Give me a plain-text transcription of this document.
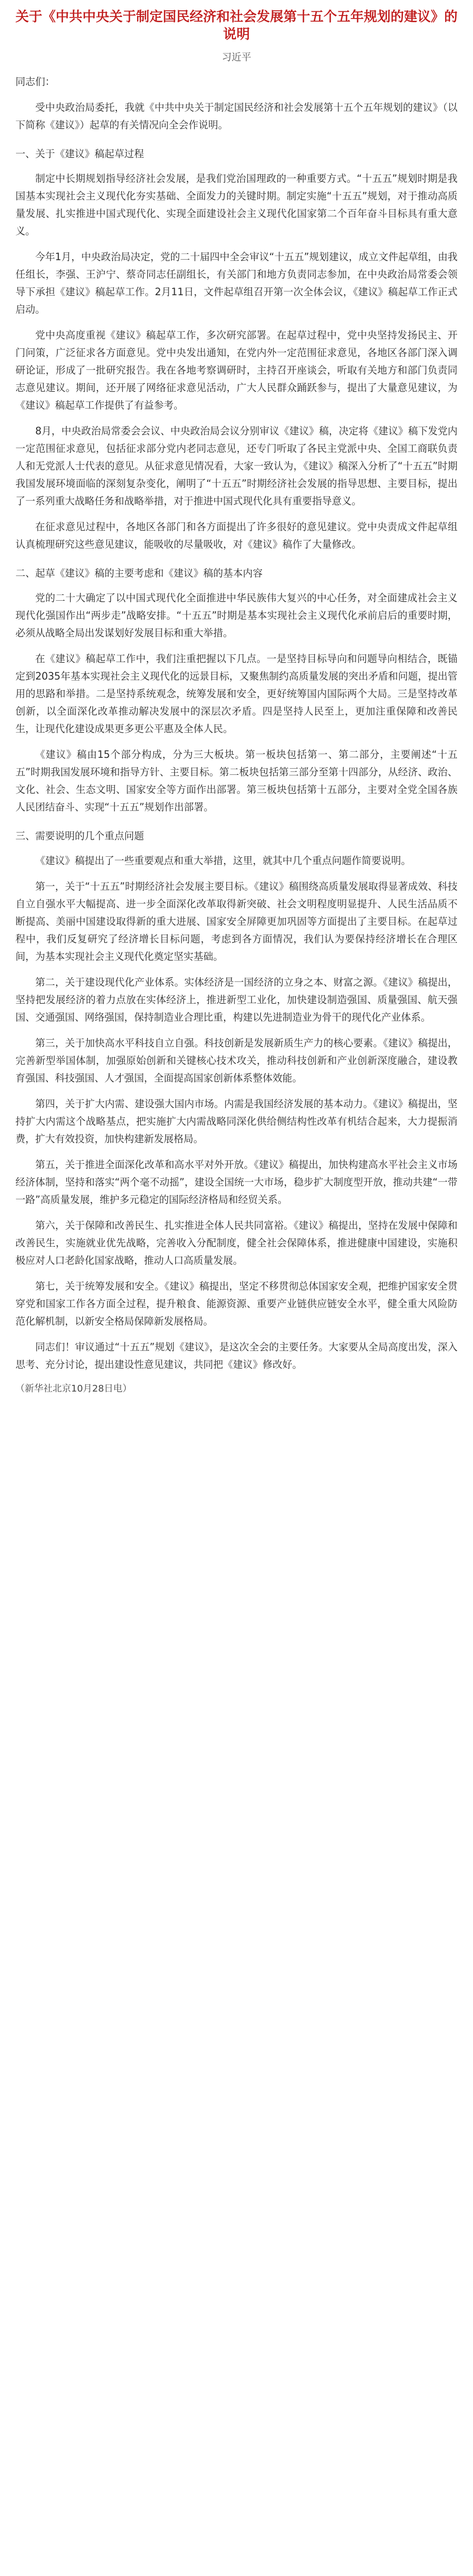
关于《中共中央关于制定国民经济和社会发展第十五个五年规划的建议》的说明
习近平

同志们：

受中央政治局委托，我就《中共中央关于制定国民经济和社会发展第十五个五年规划的建议》（以下简称《建议》）起草的有关情况向全会作说明。

一、关于《建议》稿起草过程

制定中长期规划指导经济社会发展，是我们党治国理政的一种重要方式。“十五五”规划时期是我国基本实现社会主义现代化夯实基础、全面发力的关键时期。制定实施“十五五”规划，对于推动高质量发展、扎实推进中国式现代化、实现全面建设社会主义现代化国家第二个百年奋斗目标具有重大意义。

今年1月，中央政治局决定，党的二十届四中全会审议“十五五”规划建议，成立文件起草组，由我任组长，李强、王沪宁、蔡奇同志任副组长，有关部门和地方负责同志参加，在中央政治局常委会领导下承担《建议》稿起草工作。2月11日，文件起草组召开第一次全体会议，《建议》稿起草工作正式启动。

党中央高度重视《建议》稿起草工作，多次研究部署。在起草过程中，党中央坚持发扬民主、开门问策，广泛征求各方面意见。党中央发出通知，在党内外一定范围征求意见，各地区各部门深入调研论证，形成了一批研究报告。我在各地考察调研时，主持召开座谈会，听取有关地方和部门负责同志意见建议。期间，还开展了网络征求意见活动，广大人民群众踊跃参与，提出了大量意见建议，为《建议》稿起草工作提供了有益参考。

8月，中央政治局常委会会议、中央政治局会议分别审议《建议》稿，决定将《建议》稿下发党内一定范围征求意见，包括征求部分党内老同志意见，还专门听取了各民主党派中央、全国工商联负责人和无党派人士代表的意见。从征求意见情况看，大家一致认为，《建议》稿深入分析了“十五五”时期我国发展环境面临的深刻复杂变化，阐明了“十五五”时期经济社会发展的指导思想、主要目标，提出了一系列重大战略任务和战略举措，对于推进中国式现代化具有重要指导意义。

在征求意见过程中，各地区各部门和各方面提出了许多很好的意见建议。党中央责成文件起草组认真梳理研究这些意见建议，能吸收的尽量吸收，对《建议》稿作了大量修改。

二、起草《建议》稿的主要考虑和《建议》稿的基本内容

党的二十大确定了以中国式现代化全面推进中华民族伟大复兴的中心任务，对全面建成社会主义现代化强国作出“两步走”战略安排。“十五五”时期是基本实现社会主义现代化承前启后的重要时期，必须从战略全局出发谋划好发展目标和重大举措。

在《建议》稿起草工作中，我们注重把握以下几点。一是坚持目标导向和问题导向相结合，既锚定到2035年基本实现社会主义现代化的远景目标，又聚焦制约高质量发展的突出矛盾和问题，提出管用的思路和举措。二是坚持系统观念，统筹发展和安全，更好统筹国内国际两个大局。三是坚持改革创新，以全面深化改革推动解决发展中的深层次矛盾。四是坚持人民至上，更加注重保障和改善民生，让现代化建设成果更多更公平惠及全体人民。

《建议》稿由15个部分构成，分为三大板块。第一板块包括第一、第二部分，主要阐述“十五五”时期我国发展环境和指导方针、主要目标。第二板块包括第三部分至第十四部分，从经济、政治、文化、社会、生态文明、国家安全等方面作出部署。第三板块包括第十五部分，主要对全党全国各族人民团结奋斗、实现“十五五”规划作出部署。

三、需要说明的几个重点问题

《建议》稿提出了一些重要观点和重大举措，这里，就其中几个重点问题作简要说明。

第一，关于“十五五”时期经济社会发展主要目标。《建议》稿围绕高质量发展取得显著成效、科技自立自强水平大幅提高、进一步全面深化改革取得新突破、社会文明程度明显提升、人民生活品质不断提高、美丽中国建设取得新的重大进展、国家安全屏障更加巩固等方面提出了主要目标。在起草过程中，我们反复研究了经济增长目标问题，考虑到各方面情况，我们认为要保持经济增长在合理区间，为基本实现社会主义现代化奠定坚实基础。

第二，关于建设现代化产业体系。实体经济是一国经济的立身之本、财富之源。《建议》稿提出，坚持把发展经济的着力点放在实体经济上，推进新型工业化，加快建设制造强国、质量强国、航天强国、交通强国、网络强国，保持制造业合理比重，构建以先进制造业为骨干的现代化产业体系。

第三，关于加快高水平科技自立自强。科技创新是发展新质生产力的核心要素。《建议》稿提出，完善新型举国体制，加强原始创新和关键核心技术攻关，推动科技创新和产业创新深度融合，建设教育强国、科技强国、人才强国，全面提高国家创新体系整体效能。

第四，关于扩大内需、建设强大国内市场。内需是我国经济发展的基本动力。《建议》稿提出，坚持扩大内需这个战略基点，把实施扩大内需战略同深化供给侧结构性改革有机结合起来，大力提振消费，扩大有效投资，加快构建新发展格局。

第五，关于推进全面深化改革和高水平对外开放。《建议》稿提出，加快构建高水平社会主义市场经济体制，坚持和落实“两个毫不动摇”，建设全国统一大市场，稳步扩大制度型开放，推动共建“一带一路”高质量发展，维护多元稳定的国际经济格局和经贸关系。

第六，关于保障和改善民生、扎实推进全体人民共同富裕。《建议》稿提出，坚持在发展中保障和改善民生，实施就业优先战略，完善收入分配制度，健全社会保障体系，推进健康中国建设，实施积极应对人口老龄化国家战略，推动人口高质量发展。

第七，关于统筹发展和安全。《建议》稿提出，坚定不移贯彻总体国家安全观，把维护国家安全贯穿党和国家工作各方面全过程，提升粮食、能源资源、重要产业链供应链安全水平，健全重大风险防范化解机制，以新安全格局保障新发展格局。

同志们！审议通过“十五五”规划《建议》，是这次全会的主要任务。大家要从全局高度出发，深入思考、充分讨论，提出建设性意见建议，共同把《建议》修改好。

（新华社北京10月28日电）
